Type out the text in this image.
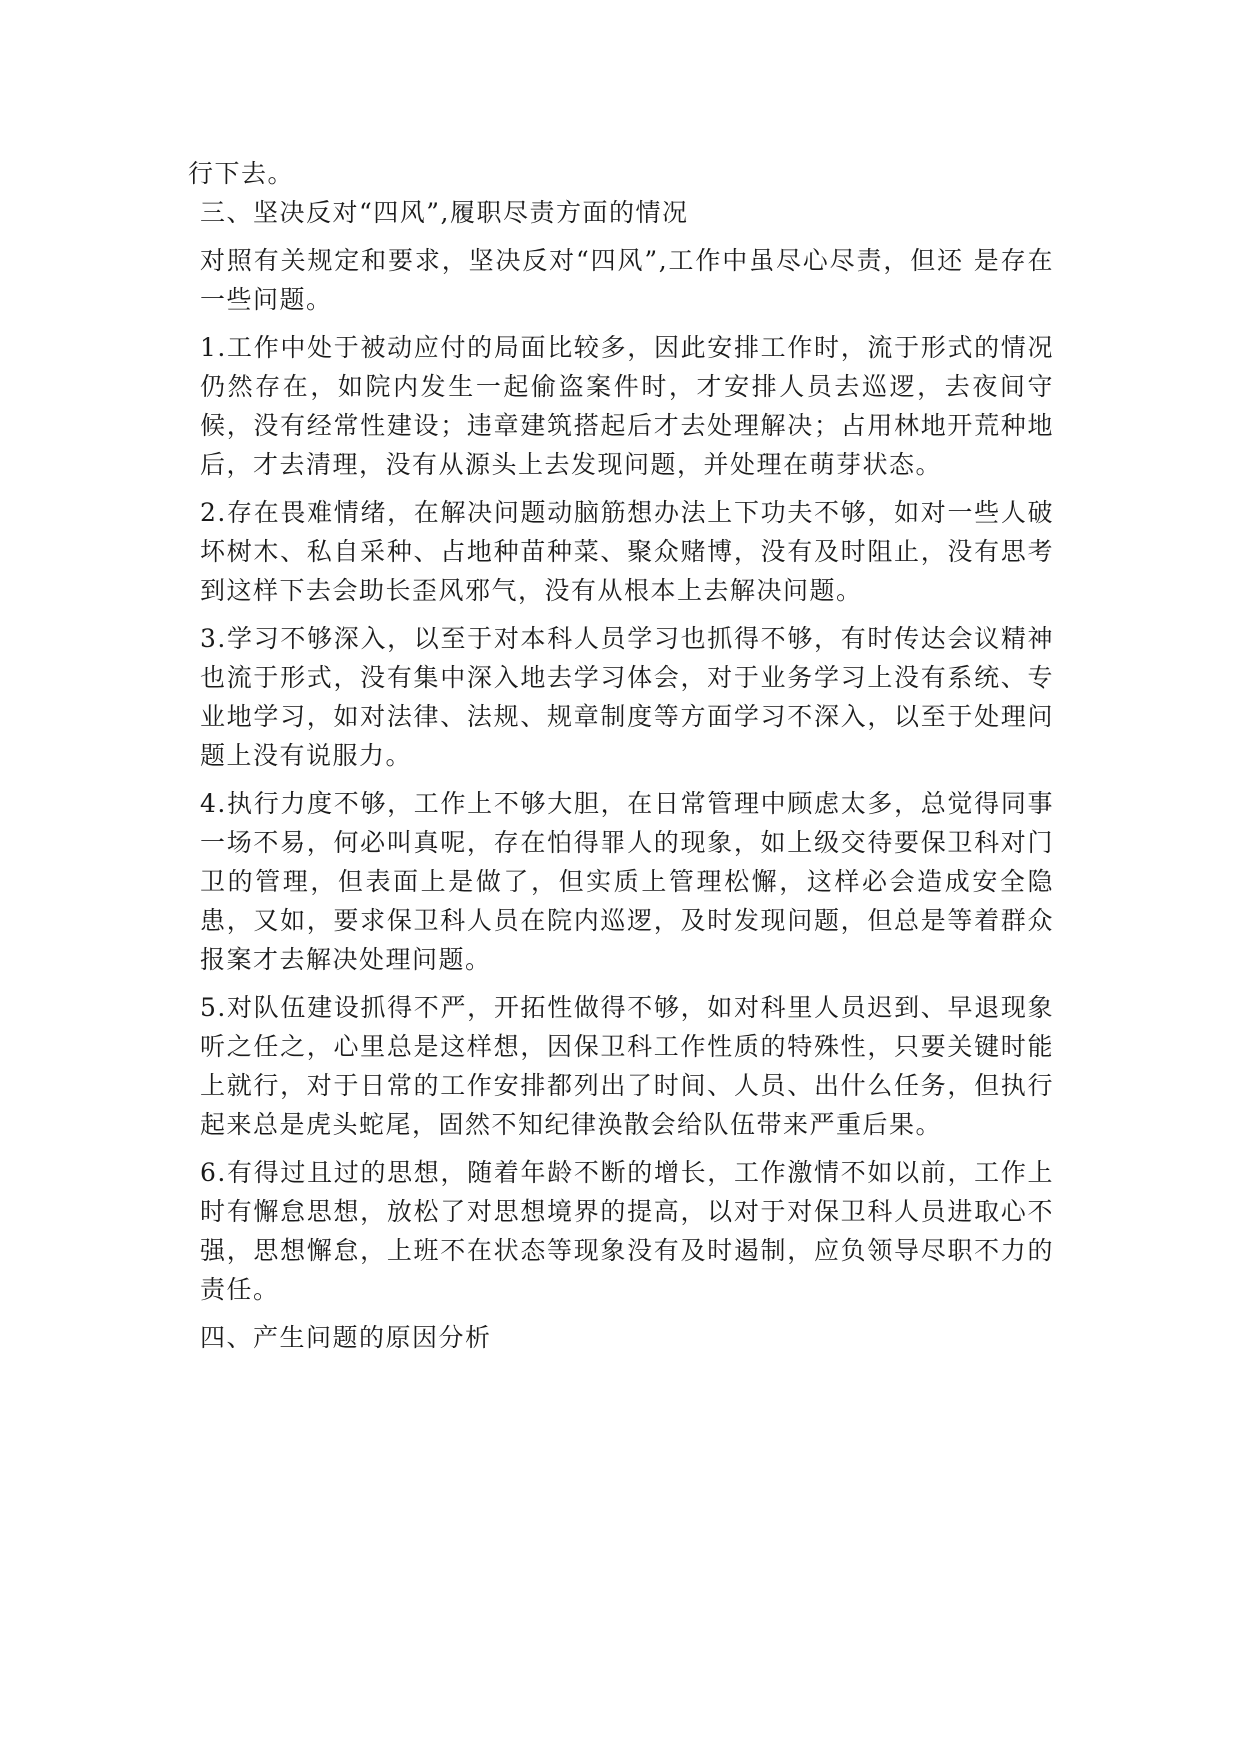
行下去。

三、坚决反对“四风”,履职尽责方面的情况

对照有关规定和要求，坚决反对“四风”,工作中虽尽心尽责，但还 是存在一些问题。

1.工作中处于被动应付的局面比较多，因此安排工作时，流于形式的情况仍然存在，如院内发生一起偷盗案件时，才安排人员去巡逻，去夜间守候，没有经常性建设；违章建筑搭起后才去处理解决；占用林地开荒种地后，才去清理，没有从源头上去发现问题，并处理在萌芽状态。

2.存在畏难情绪，在解决问题动脑筋想办法上下功夫不够，如对一些人破坏树木、私自采种、占地种苗种菜、聚众赌博，没有及时阻止，没有思考到这样下去会助长歪风邪气，没有从根本上去解决问题。

3.学习不够深入，以至于对本科人员学习也抓得不够，有时传达会议精神也流于形式，没有集中深入地去学习体会，对于业务学习上没有系统、专业地学习，如对法律、法规、规章制度等方面学习不深入，以至于处理问题上没有说服力。

4.执行力度不够，工作上不够大胆，在日常管理中顾虑太多，总觉得同事一场不易，何必叫真呢，存在怕得罪人的现象，如上级交待要保卫科对门卫的管理，但表面上是做了，但实质上管理松懈，这样必会造成安全隐患，又如，要求保卫科人员在院内巡逻，及时发现问题，但总是等着群众报案才去解决处理问题。

5.对队伍建设抓得不严，开拓性做得不够，如对科里人员迟到、早退现象听之任之，心里总是这样想，因保卫科工作性质的特殊性，只要关键时能上就行，对于日常的工作安排都列出了时间、人员、出什么任务，但执行起来总是虎头蛇尾，固然不知纪律涣散会给队伍带来严重后果。

6.有得过且过的思想，随着年龄不断的增长，工作激情不如以前，工作上时有懈怠思想，放松了对思想境界的提高，以对于对保卫科人员进取心不强，思想懈怠，上班不在状态等现象没有及时遏制，应负领导尽职不力的责任。

四、产生问题的原因分析
